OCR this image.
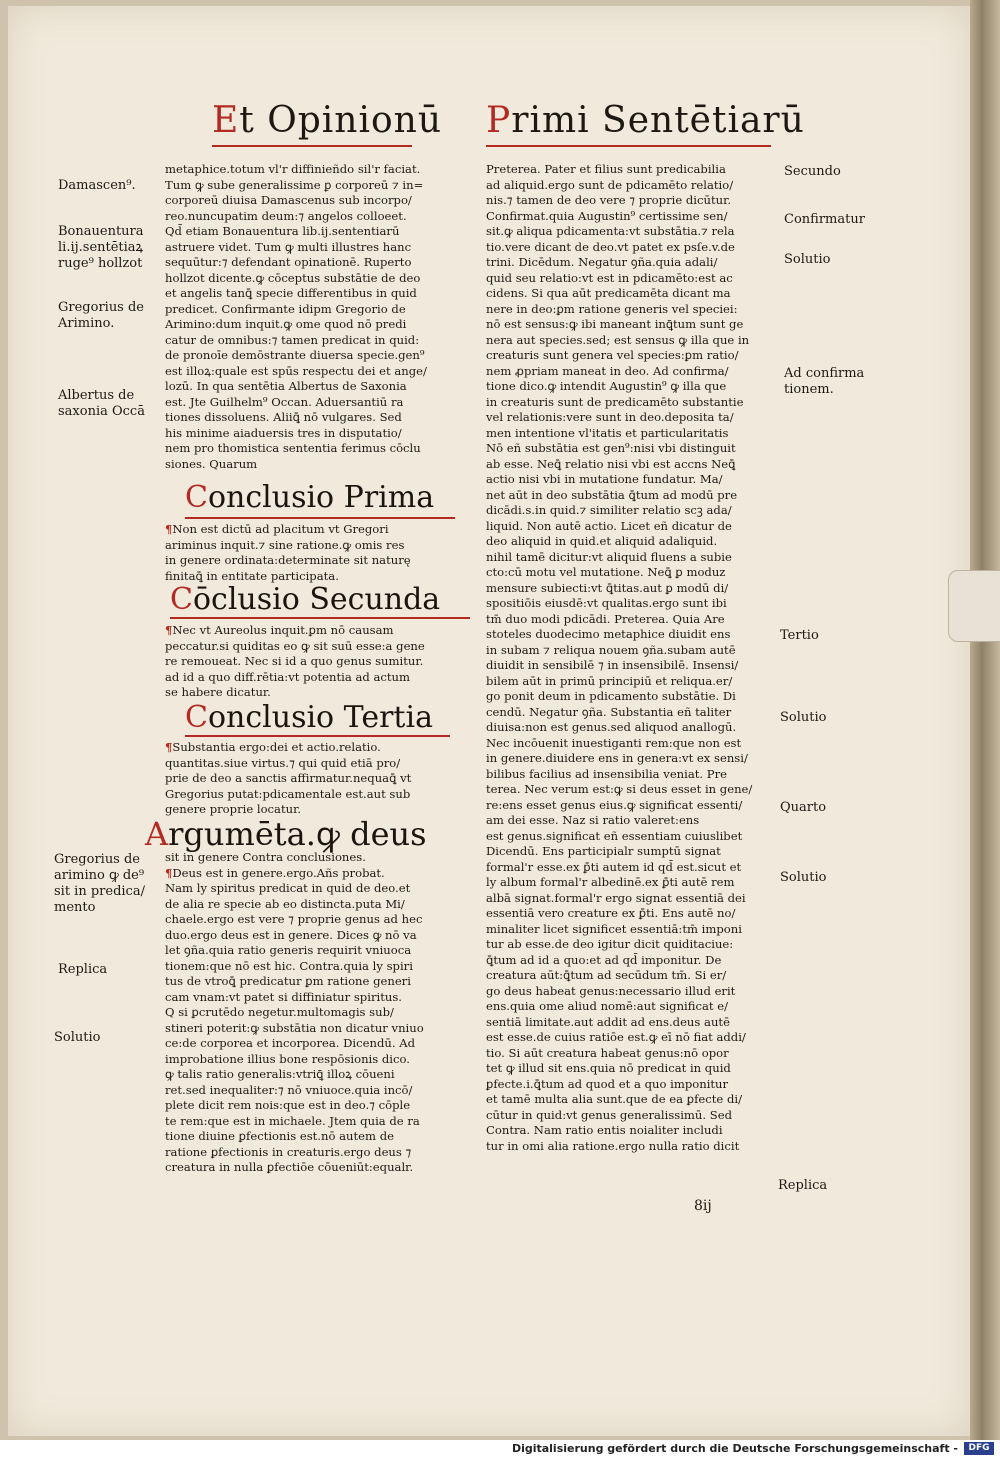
Et Opinionū Primi Sentētiarū

metaphice.totum vl'r diffinieñdo sil'r faciat.

Tum ꝙ sube generalissime ꝑ corporeū ⁊ in=

corporeū diuisa Damascenus sub incorpo/

reo.nuncupatim deum:⁊ angelos colloeet.

Qd̄ etiam Bonauentura lib.ij.sententiarū

astruere videt. Tum ꝙ multi illustres hanc

sequūtur:⁊ defendant opinationē. Ruperto

hollzot dicente.ꝙ cōceptus substātie de deo

et angelis tanꝗ̄ specie differentibus in quid

predicet. Confirmante idipm Gregorio de

Arimino:dum inquit.ꝙ ome quod nō predi

catur de omnibus:⁊ tamen predicat in quid:

de pronoīe demōstrante diuersa specie.gen⁹

est illoꝝ:quale est spūs respectu dei et ange/

lozū. In qua sentētia Albertus de Saxonia

est. Jte Guilhelm⁹ Occan. Aduersantiū ra

tiones dissoluens. Aliiꝗ̄ nō vulgares. Sed

his minime aiaduersis tres in disputatio/

nem pro thomistica sententia ferimus cōclu

siones. Quarum

Conclusio Prima

¶Non est dictū ad placitum vt Gregori

ariminus inquit.⁊ sine ratione.ꝙ omis res

in genere ordinata:determinate sit naturę

finitaꝗ̄ in entitate participata.

Cōclusio Secunda

¶Nec vt Aureolus inquit.ꝑm nō causam

peccatur.si quiditas eo ꝙ sit suū esse:a gene

re remoueat. Nec si id a quo genus sumitur.

ad id a quo diff.rētia:vt potentia ad actum

se habere dicatur.

Conclusio Tertia

¶Substantia ergo:dei et actio.relatio.

quantitas.siue virtus.⁊ qui quid etiā pro/

prie de deo a sanctis affirmatur.nequaꝗ̄ vt

Gregorius putat:pdicamentale est.aut sub

genere proprie locatur.

Argumēta.ꝙ deus

sit in genere Contra conclusiones.

¶Deus est in genere.ergo.Añs probat.

Nam ly spiritus predicat in quid de deo.et

de alia re specie ab eo distincta.puta Mi/

chaele.ergo est vere ⁊ proprie genus ad hec

duo.ergo deus est in genere. Dices ꝙ nō va

let ꝯña.quia ratio generis requirit vniuoca

tionem:que nō est hic. Contra.quia ly spiri

tus de vtroꝗ̄ predicatur ꝑm ratione generi

cam vnam:vt patet si diffiniatur spiritus.

Q si ꝑcrutēdo negetur.multomagis sub/

stineri poterit:ꝙ substātia non dicatur vniuo

ce:de corporea et incorporea. Dicendū. Ad

improbatione illius bone respōsionis dico.

ꝙ talis ratio generalis:vtriꝗ̄ illoꝝ cōueni

ret.sed inequaliter:⁊ nō vniuoce.quia incō/

plete dicit rem nois:que est in deo.⁊ cōple

te rem:que est in michaele. Jtem quia de ra

tione diuine ꝑfectionis est.nō autem de

ratione ꝑfectionis in creaturis.ergo deus ⁊

creatura in nulla ꝑfectiōe cōueniūt:equalr.

Preterea. Pater et filius sunt predicabilia

ad aliquid.ergo sunt de pdicamēto relatio/

nis.⁊ tamen de deo vere ⁊ proprie dicūtur.

Confirmat.quia Augustin⁹ certissime sen/

sit.ꝙ aliqua pdicamenta:vt substātia.⁊ rela

tio.vere dicant de deo.vt patet ex psſe.v.de

trini. Dicēdum. Negatur ꝯña.quia adali/

quid seu relatio:vt est in pdicamēto:est ac

cidens. Si qua aūt predicamēta dicant ma

nere in deo:ꝑm ratione generis vel speciei:

nō est sensus:ꝙ ibi maneant inꝗ̄tum sunt ge

nera aut species.sed; est sensus ꝙ illa que in

creaturis sunt genera vel species:ꝑm ratio/

nem ꝓpriam maneat in deo. Ad confirma/

tione dico.ꝙ intendit Augustin⁹ ꝙ illa que

in creaturis sunt de predicamēto substantie

vel relationis:vere sunt in deo.deposita ta/

men intentione vl'itatis et particularitatis

Nō eñ substātia est gen⁹:nisi vbi distinguit

ab esse. Neꝗ̄ relatio nisi vbi est accns Neꝗ̄

actio nisi vbi in mutatione fundatur. Ma/

net aūt in deo substātia ꝗ̄tum ad modū pre

dicādi.s.in quid.⁊ similiter relatio scꝫ ada/

liquid. Non autē actio. Licet eñ dicatur de

deo aliquid in quid.et aliquid adaliquid.

nihil tamē dicitur:vt aliquid fluens a subie

cto:cū motu vel mutatione. Neꝗ̄ ꝑ moduz

mensure subiecti:vt ꝗ̄titas.aut ꝑ modū di/

spositiōis eiusdē:vt qualitas.ergo sunt ibi

tm̄ duo modi pdicādi. Preterea. Quia Are

stoteles duodecimo metaphice diuidit ens

in subam ⁊ reliqua nouem ꝯña.subam autē

diuidit in sensibilē ⁊ in insensibilē. Insensi/

bilem aūt in primū principiū et reliqua.er/

go ponit deum in pdicamento substātie. Di

cendū. Negatur ꝯña. Substantia eñ taliter

diuisa:non est genus.sed aliquod anallogū.

Nec incōuenit inuestiganti rem:que non est

in genere.diuidere ens in genera:vt ex sensi/

bilibus facilius ad insensibilia veniat. Pre

terea. Nec verum est:ꝙ si deus esset in gene/

re:ens esset genus eius.ꝙ significat essenti/

am dei esse. Naz si ratio valeret:ens

est genus.significat eñ essentiam cuiuslibet

Dicendū. Ens participialr sumptū signat

formal'r esse.ex ꝑ̄ti autem id qd̄ est.sicut et

ly album formal'r albedinē.ex ꝑ̄ti autē rem

albā signat.formal'r ergo signat essentiā dei

essentiā vero creature ex ꝑ̄ti. Ens autē no/

minaliter licet significet essentiā:tm̄ imponi

tur ab esse.de deo igitur dicit quiditaciue:

ꝗ̄tum ad id a quo:et ad qd̄ imponitur. De

creatura aūt:ꝗ̄tum ad secūdum tm̄. Si er/

go deus habeat genus:necessario illud erit

ens.quia ome aliud nomē:aut significat e/

sentiā limitate.aut addit ad ens.deus autē

est esse.de cuius ratiōe est.ꝙ eī nō fiat addi/

tio. Si aūt creatura habeat genus:nō opor

tet ꝙ illud sit ens.quia nō predicat in quid

ꝑfecte.i.ꝗ̄tum ad quod et a quo imponitur

et tamē multa alia sunt.que de ea ꝑfecte di/

cūtur in quid:vt genus generalissimū. Sed

Contra. Nam ratio entis noialiter includi

tur in omi alia ratione.ergo nulla ratio dicit

Damascen⁹.
Bonauentura
li.ij.sentētiaꝝ
ruge⁹ hollzot
Gregorius de
Arimino.
Albertus de
saxonia Occā
Gregorius de
arimino ꝙ de⁹
sit in predica/
mento
Replica
Solutio
Secundo
Confirmatur
Solutio
Ad confirma
tionem.
Tertio
Solutio
Quarto
Solutio
Replica
8ij
Digitalisierung gefördert durch die Deutsche Forschungsgemeinschaft -	DFG
